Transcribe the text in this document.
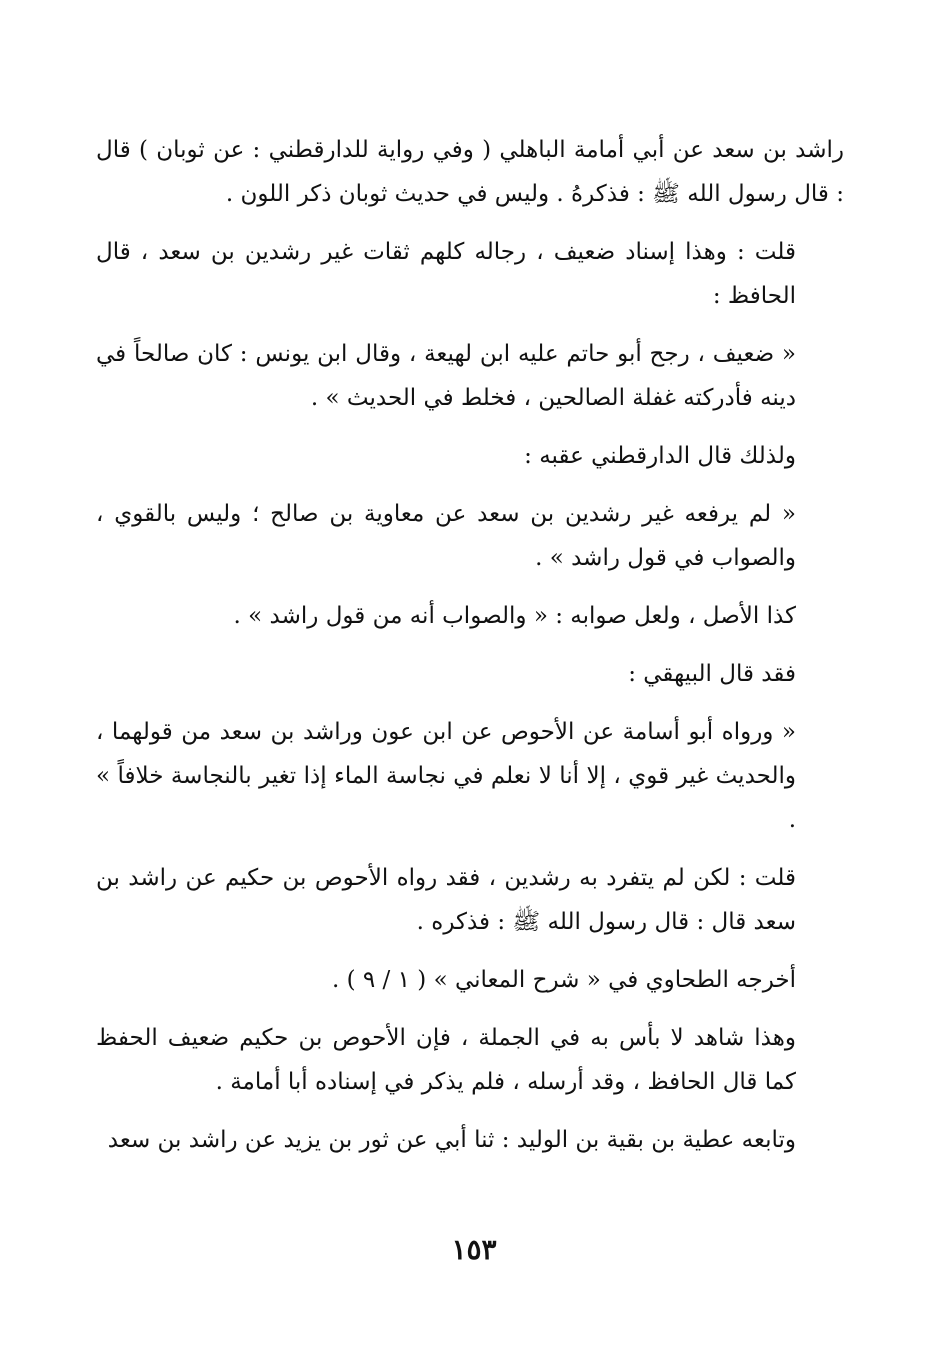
راشد بن سعد عن أبي أمامة الباهلي ( وفي رواية للدارقطني : عن ثوبان ) قال : قال رسول الله ﷺ : فذكرهُ . وليس في حديث ثوبان ذكر اللون .

قلت : وهذا إسناد ضعيف ، رجاله كلهم ثقات غير رشدين بن سعد ، قال الحافظ :

« ضعيف ، رجح أبو حاتم عليه ابن لهيعة ، وقال ابن يونس : كان صالحاً في دينه فأدركته غفلة الصالحين ، فخلط في الحديث » .

ولذلك قال الدارقطني عقبه :

« لم يرفعه غير رشدين بن سعد عن معاوية بن صالح ؛ وليس بالقوي ، والصواب في قول راشد » .

كذا الأصل ، ولعل صوابه : « والصواب أنه من قول راشد » .

فقد قال البيهقي :

« ورواه أبو أسامة عن الأحوص عن ابن عون وراشد بن سعد من قولهما ، والحديث غير قوي ، إلا أنا لا نعلم في نجاسة الماء إذا تغير بالنجاسة خلافاً » .

قلت : لكن لم يتفرد به رشدين ، فقد رواه الأحوص بن حكيم عن راشد بن سعد قال : قال رسول الله ﷺ : فذكره .

أخرجه الطحاوي في « شرح المعاني » ( ١ / ٩ ) .

وهذا شاهد لا بأس به في الجملة ، فإن الأحوص بن حكيم ضعيف الحفظ كما قال الحافظ ، وقد أرسله ، فلم يذكر في إسناده أبا أمامة .

وتابعه عطية بن بقية بن الوليد : ثنا أبي عن ثور بن يزيد عن راشد بن سعد

١٥٣
